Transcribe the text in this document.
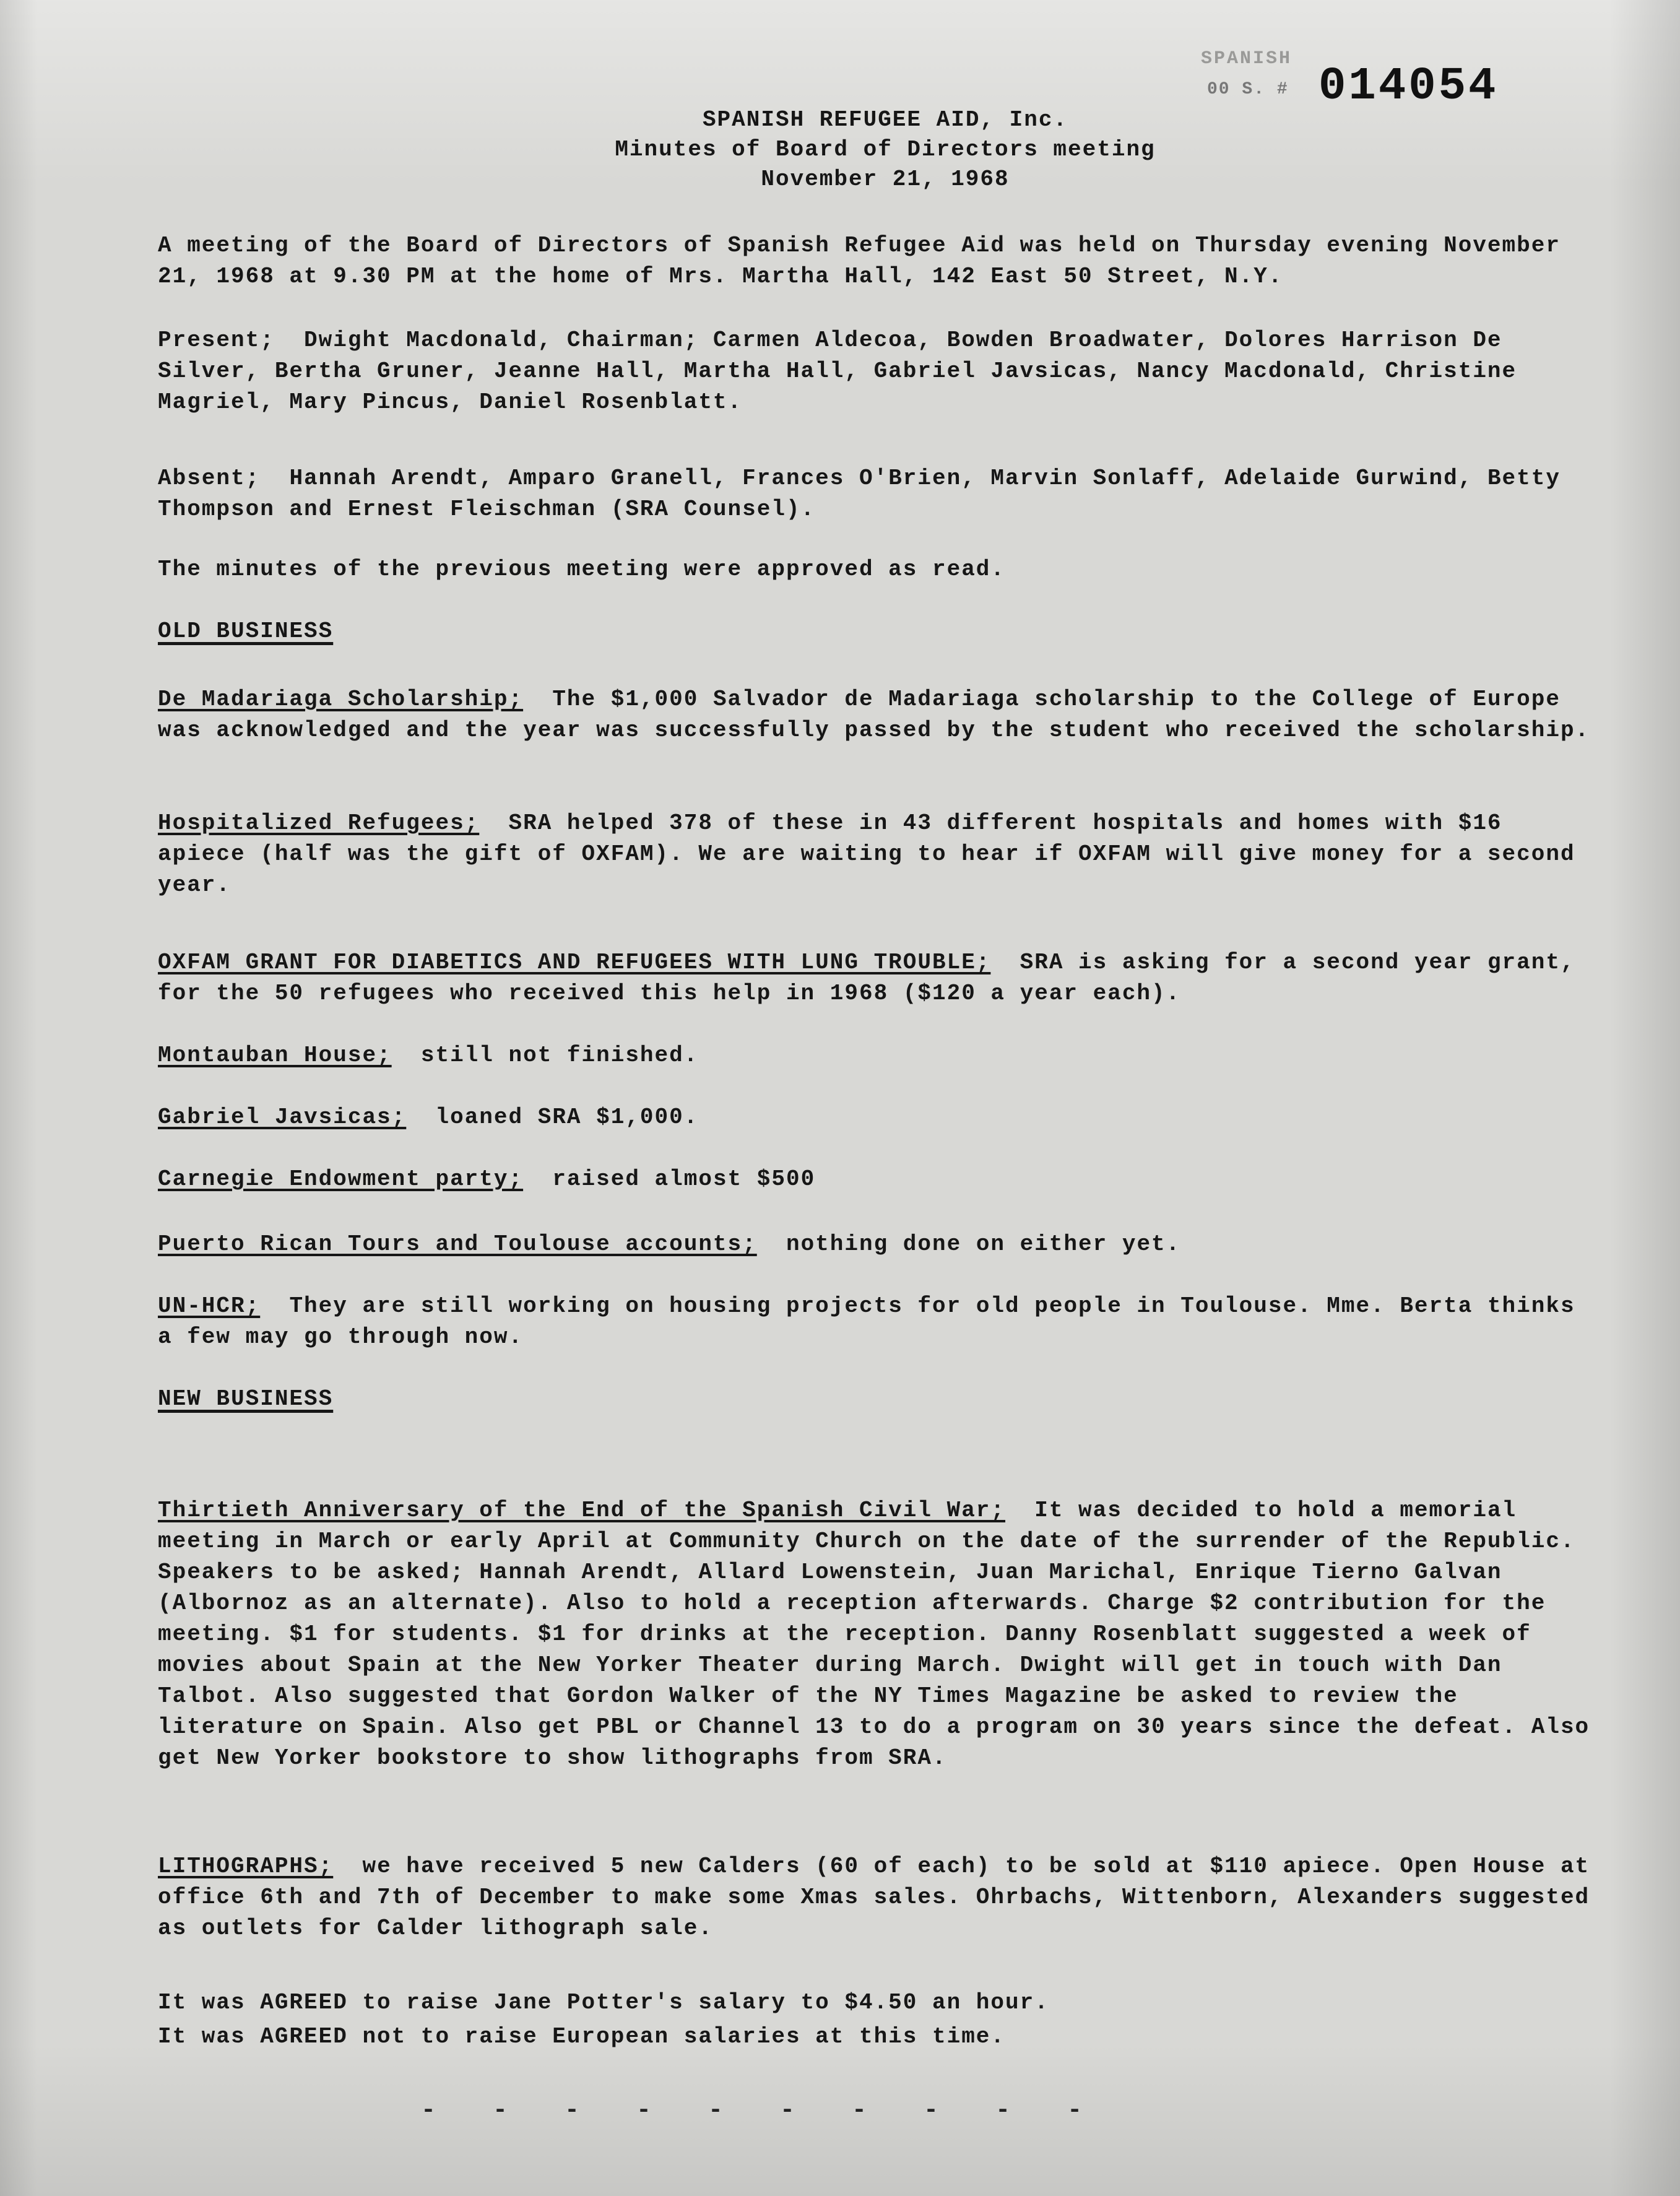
SPANISH
00 S. # 014054
SPANISH REFUGEE AID, Inc.
Minutes of Board of Directors meeting
November 21, 1968
A meeting of the Board of Directors of Spanish Refugee Aid was held on Thursday evening November 21, 1968 at 9.30 PM at the home of Mrs. Martha Hall, 142 East 50 Street, N.Y.
Present; Dwight Macdonald, Chairman; Carmen Aldecoa, Bowden Broadwater, Dolores Harrison De Silver, Bertha Gruner, Jeanne Hall, Martha Hall, Gabriel Javsicas, Nancy Macdonald, Christine Magriel, Mary Pincus, Daniel Rosenblatt.
Absent; Hannah Arendt, Amparo Granell, Frances O'Brien, Marvin Sonlaff, Adelaide Gurwind, Betty Thompson and Ernest Fleischman (SRA Counsel).
The minutes of the previous meeting were approved as read.
OLD BUSINESS
De Madariaga Scholarship; The $1,000 Salvador de Madariaga scholarship to the College of Europe was acknowledged and the year was successfully passed by the student who received the scholarship.
Hospitalized Refugees; SRA helped 378 of these in 43 different hospitals and homes with $16 apiece (half was the gift of OXFAM). We are waiting to hear if OXFAM will give money for a second year.
OXFAM GRANT FOR DIABETICS AND REFUGEES WITH LUNG TROUBLE; SRA is asking for a second year grant, for the 50 refugees who received this help in 1968 ($120 a year each).
Montauban House; still not finished.
Gabriel Javsicas; loaned SRA $1,000.
Carnegie Endowment party; raised almost $500
Puerto Rican Tours and Toulouse accounts; nothing done on either yet.
UN-HCR; They are still working on housing projects for old people in Toulouse. Mme. Berta thinks a few may go through now.
NEW BUSINESS
Thirtieth Anniversary of the End of the Spanish Civil War; It was decided to hold a memorial meeting in March or early April at Community Church on the date of the surrender of the Republic. Speakers to be asked; Hannah Arendt, Allard Lowenstein, Juan Marichal, Enrique Tierno Galvan (Albornoz as an alternate). Also to hold a reception afterwards. Charge $2 contribution for the meeting. $1 for students. $1 for drinks at the reception. Danny Rosenblatt suggested a week of movies about Spain at the New Yorker Theater during March. Dwight will get in touch with Dan Talbot. Also suggested that Gordon Walker of the NY Times Magazine be asked to review the literature on Spain. Also get PBL or Channel 13 to do a program on 30 years since the defeat. Also get New Yorker bookstore to show lithographs from SRA.
LITHOGRAPHS; we have received 5 new Calders (60 of each) to be sold at $110 apiece. Open House at office 6th and 7th of December to make some Xmas sales. Ohrbachs, Wittenborn, Alexanders suggested as outlets for Calder lithograph sale.
It was AGREED to raise Jane Potter's salary to $4.50 an hour.
It was AGREED not to raise European salaries at this time.
- - - - - - - - - -
